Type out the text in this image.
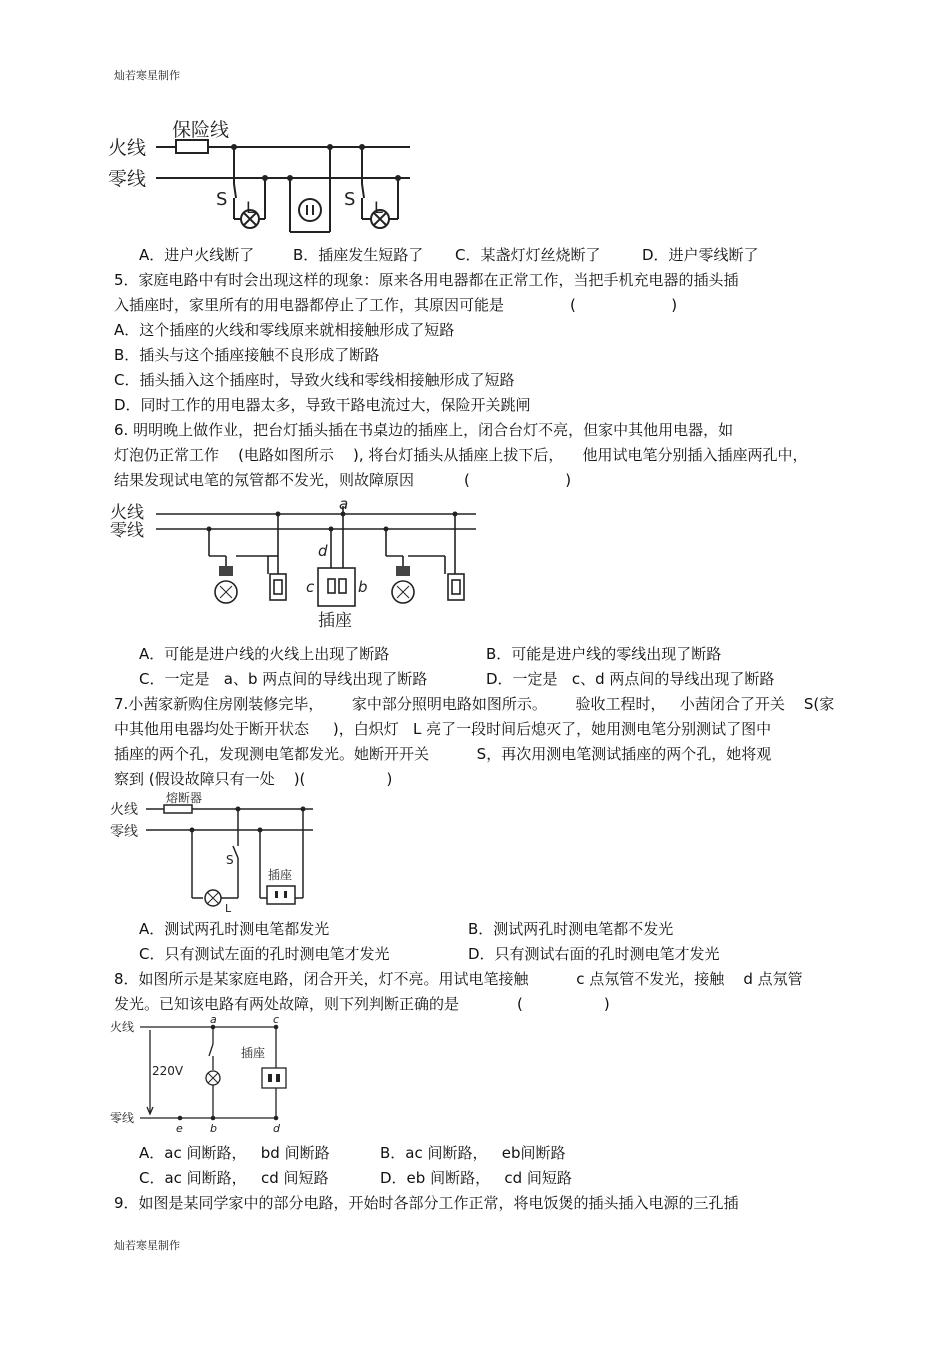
灿若寒星制作
火线
零线
保险线
S L	S L
A．进户火线断了	B．插座发生短路了 C．某盏灯灯丝烧断了	D．进户零线断了
5．家庭电路中有时会出现这样的现象：原来各用电器都在正常工作，当把手机充电器的插头插
入插座时，家里所有的用电器都停止了工作，其原因可能是	(                    )
A．这个插座的火线和零线原来就相接触形成了短路
B．插头与这个插座接触不良形成了断路
C．插头插入这个插座时，导致火线和零线相接触形成了短路
D．同时工作的用电器太多，导致干路电流过大，保险开关跳闸
6. 明明晚上做作业，把台灯插头插在书桌边的插座上，闭合台灯不亮，但家中其他用电器，如
灯泡仍正常工作    (电路如图所示    ), 将台灯插头从插座上拔下后，    他用试电笔分别插入插座两孔中，
结果发现试电笔的氖管都不发光，则故障原因	(                    )
火线
零线
a
d
c	b
插座
A．可能是进户线的火线上出现了断路	B．可能是进户线的零线出现了断路
C．一定是   a、b 两点间的导线出现了断路	D．一定是   c、d 两点间的导线出现了断路
7.小茜家新购住房刚装修完毕，      家中部分照明电路如图所示。      验收工程时，   小茜闭合了开关    S(家
中其他用电器均处于断开状态     )，白炽灯   L 亮了一段时间后熄灭了，她用测电笔分别测试了图中
插座的两个孔，发现测电笔都发光。她断开开关          S，再次用测电笔测试插座的两个孔，她将观
察到 (假设故障只有一处    )(                 )
火线
零线
熔断器
插座
S
L
A．测试两孔时测电笔都发光	B．测试两孔时测电笔都不发光
C．只有测试左面的孔时测电笔才发光	D．只有测试右面的孔时测电笔才发光
8．如图所示是某家庭电路，闭合开关，灯不亮。用试电笔接触          c 点氖管不发光，接触    d 点氖管
发光。已知该电路有两处故障，则下列判断正确的是	(                 )
火线
零线
220V
插座
a	c
e b	d
A．ac 间断路，   bd 间断路	B．ac 间断路，   eb间断路
C．ac 间断路，   cd 间短路	D．eb 间断路，   cd 间短路
9．如图是某同学家中的部分电路，开始时各部分工作正常，将电饭煲的插头插入电源的三孔插
灿若寒星制作
